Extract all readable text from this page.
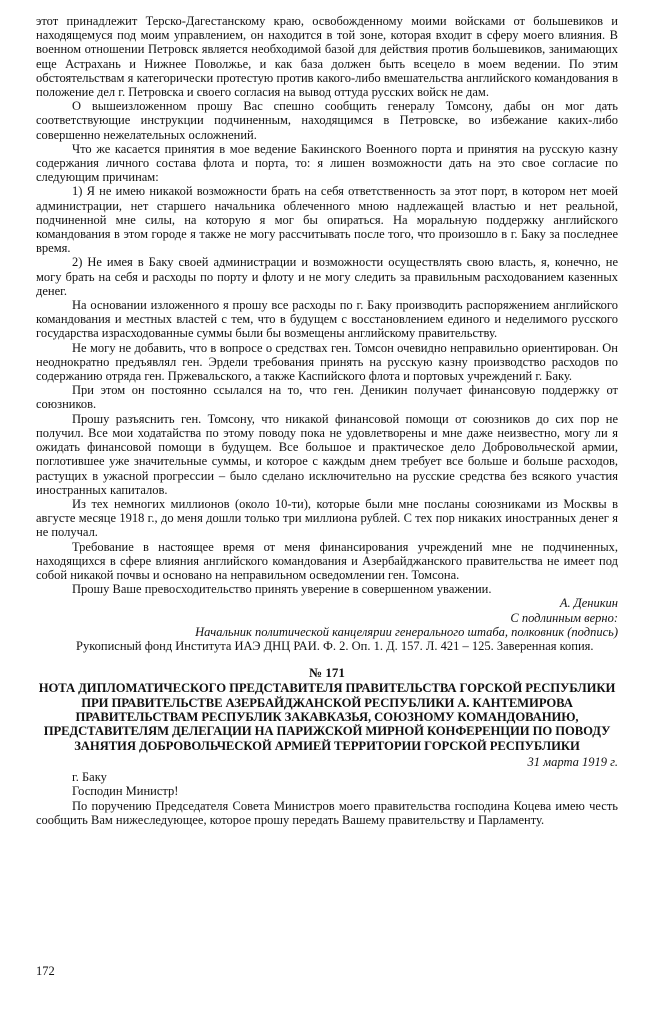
этот принадлежит Терско-Дагестанскому краю, освобожденному моими войсками от большевиков и находящемуся под моим управлением, он находится в той зоне, которая входит в сферу моего влияния. В военном отношении Петровск является необходимой базой для действия против большевиков, занимающих еще Астрахань и Нижнее Поволжье, и как база должен быть всецело в моем ведении. По этим обстоятельствам я категорически протестую против какого-либо вмешательства английского командования в положение дел г. Петровска и своего согласия на вывод оттуда русских войск не дам.

О вышеизложенном прошу Вас спешно сообщить генералу Томсону, дабы он мог дать соответствующие инструкции подчиненным, находящимся в Петровске, во избежание каких-либо совершенно нежелательных осложнений.

Что же касается принятия в мое ведение Бакинского Военного порта и принятия на русскую казну содержания личного состава флота и порта, то: я лишен возможности дать на это свое согласие по следующим причинам:

1) Я не имею никакой возможности брать на себя ответственность за этот порт, в котором нет моей администрации, нет старшего начальника облеченного мною надлежащей властью и нет реальной, подчиненной мне силы, на которую я мог бы опираться. На моральную поддержку английского командования в этом городе я также не могу рассчитывать после того, что произошло в г. Баку за последнее время.

2) Не имея в Баку своей администрации и возможности осуществлять свою власть, я, конечно, не могу брать на себя и расходы по порту и флоту и не могу следить за правильным расходованием казенных денег.

На основании изложенного я прошу все расходы по г. Баку производить распоряжением английского командования и местных властей с тем, что в будущем с восстановлением единого и неделимого русского государства израсходованные суммы были бы возмещены английскому правительству.

Не могу не добавить, что в вопросе о средствах ген. Томсон очевидно неправильно ориентирован. Он неоднократно предъявлял ген. Эрдели требования принять на русскую казну производство расходов по содержанию отряда ген. Пржевальского, а также Каспийского флота и портовых учреждений г. Баку.

При этом он постоянно ссылался на то, что ген. Деникин получает финансовую поддержку от союзников.

Прошу разъяснить ген. Томсону, что никакой финансовой помощи от союзников до сих пор не получил. Все мои ходатайства по этому поводу пока не удовлетворены и мне даже неизвестно, могу ли я ожидать финансовой помощи в будущем. Все большое и практическое дело Добровольческой армии, поглотившее уже значительные суммы, и которое с каждым днем требует все больше и больше расходов, растущих в ужасной прогрессии – было сделано исключительно на русские средства без всякого участия иностранных капиталов.

Из тех немногих миллионов (около 10-ти), которые были мне посланы союзниками из Москвы в августе месяце 1918 г., до меня дошли только три миллиона рублей. С тех пор никаких иностранных денег я не получал.

Требование в настоящее время от меня финансирования учреждений мне не подчиненных, находящихся в сфере влияния английского командования и Азербайджанского правительства не имеет под собой никакой почвы и основано на неправильном осведомлении ген. Томсона.

Прошу Ваше превосходительство принять уверение в совершенном уважении.

А. Деникин

С подлинным верно:

Начальник политической канцелярии генерального штаба, полковник (подпись)

Рукописный фонд Института ИАЭ ДНЦ РАИ. Ф. 2. Оп. 1. Д. 157. Л. 421 – 125. Заверенная копия.

№ 171

НОТА ДИПЛОМАТИЧЕСКОГО ПРЕДСТАВИТЕЛЯ ПРАВИТЕЛЬСТВА ГОРСКОЙ РЕСПУБЛИКИ ПРИ ПРАВИТЕЛЬСТВЕ АЗЕРБАЙДЖАНСКОЙ РЕСПУБЛИКИ А. КАНТЕМИРОВА ПРАВИТЕЛЬСТВАМ РЕСПУБЛИК ЗАКАВКАЗЬЯ, СОЮЗНОМУ КОМАНДОВАНИЮ, ПРЕДСТАВИТЕЛЯМ ДЕЛЕГАЦИИ НА ПАРИЖСКОЙ МИРНОЙ КОНФЕРЕНЦИИ ПО ПОВОДУ ЗАНЯТИЯ ДОБРОВОЛЬЧЕСКОЙ АРМИЕЙ ТЕРРИТОРИИ ГОРСКОЙ РЕСПУБЛИКИ

31 марта 1919 г.

г. Баку

Господин Министр!

По поручению Председателя Совета Министров моего правительства господина Коцева имею честь сообщить Вам нижеследующее, которое прошу передать Вашему правительству и Парламенту.

172
